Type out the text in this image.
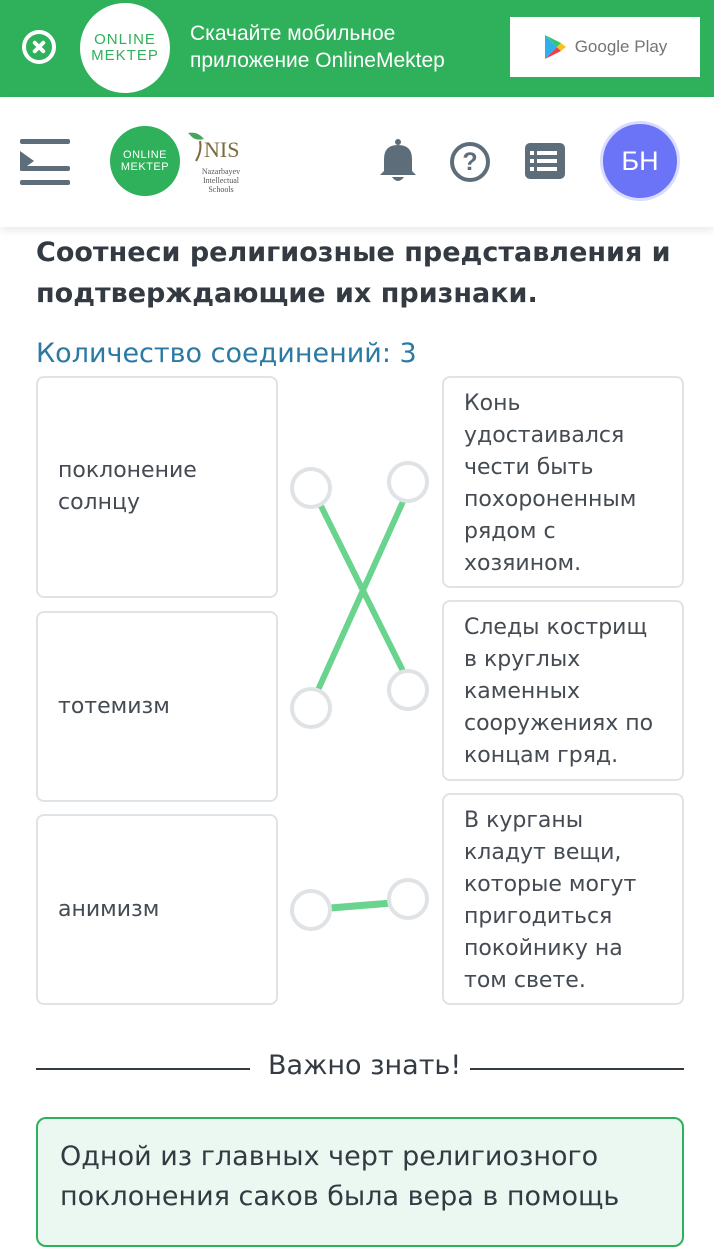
ONLINE
MEKTEP
Скачайте мобильное
приложение OnlineMektep
Google Play
ONLINE
MEKTEP
NIS
Nazarbayev Intellectual Schools
?	БН
Соотнеси религиозные представления и подтверждающие их признаки.
Количество соединений: 3
поклонение солнцу
тотемизм
анимизм
Конь удостаивался чести быть похороненным рядом с хозяином.
Следы кострищ в круглых каменных сооружениях по концам гряд.
В курганы кладут вещи, которые могут пригодиться покойнику на том свете.
Важно знать!
Одной из главных черт религиозного поклонения саков была вера в помощь
